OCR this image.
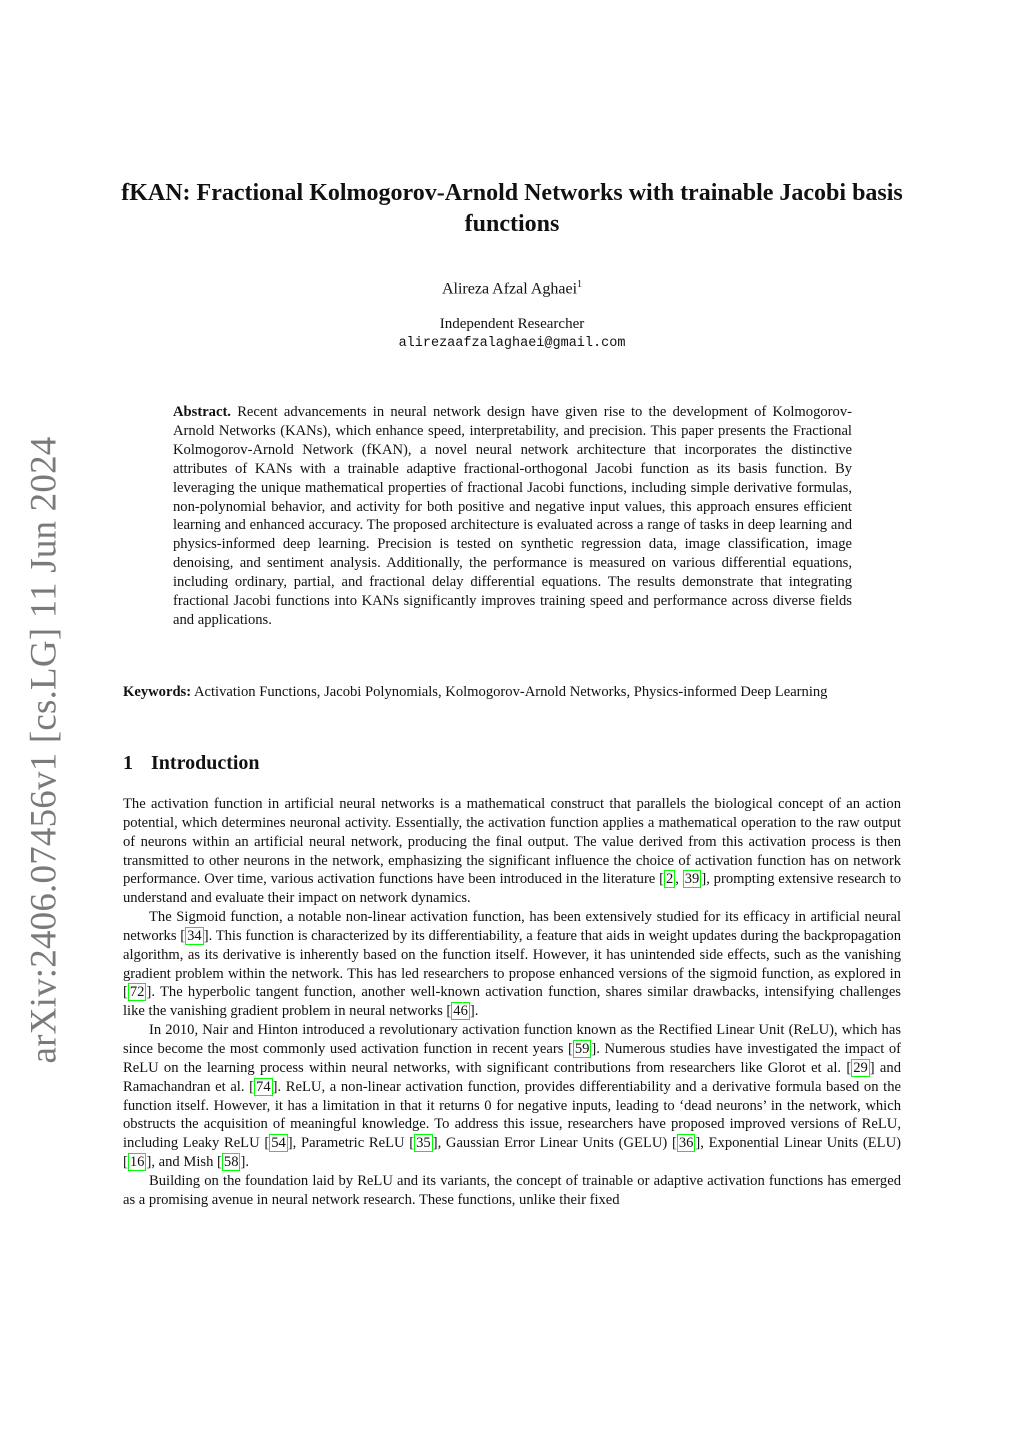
arXiv:2406.07456v1 [cs.LG] 11 Jun 2024
fKAN: Fractional Kolmogorov-Arnold Networks with trainable Jacobi basis functions
Alireza Afzal Aghaei$^1$
Independent Researcher
alirezaafzalaghaei@gmail.com
Abstract. Recent advancements in neural network design have given rise to the development of Kolmogorov-Arnold Networks (KANs), which enhance speed, interpretability, and precision. This paper presents the Fractional Kolmogorov-Arnold Network (fKAN), a novel neural network architecture that incorporates the distinctive attributes of KANs with a trainable adaptive fractional-orthogonal Jacobi function as its basis function. By leveraging the unique mathematical properties of fractional Jacobi functions, including simple derivative formulas, non-polynomial behavior, and activity for both positive and negative input values, this approach ensures efficient learning and enhanced accuracy. The proposed architecture is evaluated across a range of tasks in deep learning and physics-informed deep learning. Precision is tested on synthetic regression data, image classification, image denoising, and sentiment analysis. Additionally, the performance is measured on various differential equations, including ordinary, partial, and fractional delay differential equations. The results demonstrate that integrating fractional Jacobi functions into KANs significantly improves training speed and performance across diverse fields and applications.
Keywords: Activation Functions, Jacobi Polynomials, Kolmogorov-Arnold Networks, Physics-informed Deep Learning
1 Introduction

The activation function in artificial neural networks is a mathematical construct that parallels the biological concept of an action potential, which determines neuronal activity. Essentially, the activation function applies a mathematical operation to the raw output of neurons within an artificial neural network, producing the final output. The value derived from this activation process is then transmitted to other neurons in the network, emphasizing the significant influence the choice of activation function has on network performance. Over time, various activation functions have been introduced in the literature [ 2 , 39 ], prompting extensive research to understand and evaluate their impact on network dynamics.

The Sigmoid function, a notable non-linear activation function, has been extensively studied for its efficacy in artificial neural networks [ 34 ]. This function is characterized by its differentiability, a feature that aids in weight updates during the backpropagation algorithm, as its derivative is inherently based on the function itself. However, it has unintended side effects, such as the vanishing gradient problem within the network. This has led researchers to propose enhanced versions of the sigmoid function, as explored in [ 72 ]. The hyperbolic tangent function, another well-known activation function, shares similar drawbacks, intensifying challenges like the vanishing gradient problem in neural networks [ 46 ].

In 2010, Nair and Hinton introduced a revolutionary activation function known as the Rectified Linear Unit (ReLU), which has since become the most commonly used activation function in recent years [ 59 ]. Numerous studies have investigated the impact of ReLU on the learning process within neural networks, with significant contributions from researchers like Glorot et al. [ 29 ] and Ramachandran et al. [ 74 ]. ReLU, a non-linear activation function, provides differentiability and a derivative formula based on the function itself. However, it has a limitation in that it returns 0 for negative inputs, leading to ‘dead neurons’ in the network, which obstructs the acquisition of meaningful knowledge. To address this issue, researchers have proposed improved versions of ReLU, including Leaky ReLU [ 54 ], Parametric ReLU [ 35 ], Gaussian Error Linear Units (GELU) [ 36 ], Exponential Linear Units (ELU) [ 16 ], and Mish [ 58 ].

Building on the foundation laid by ReLU and its variants, the concept of trainable or adaptive activation functions has emerged as a promising avenue in neural network research. These functions, unlike their fixed
